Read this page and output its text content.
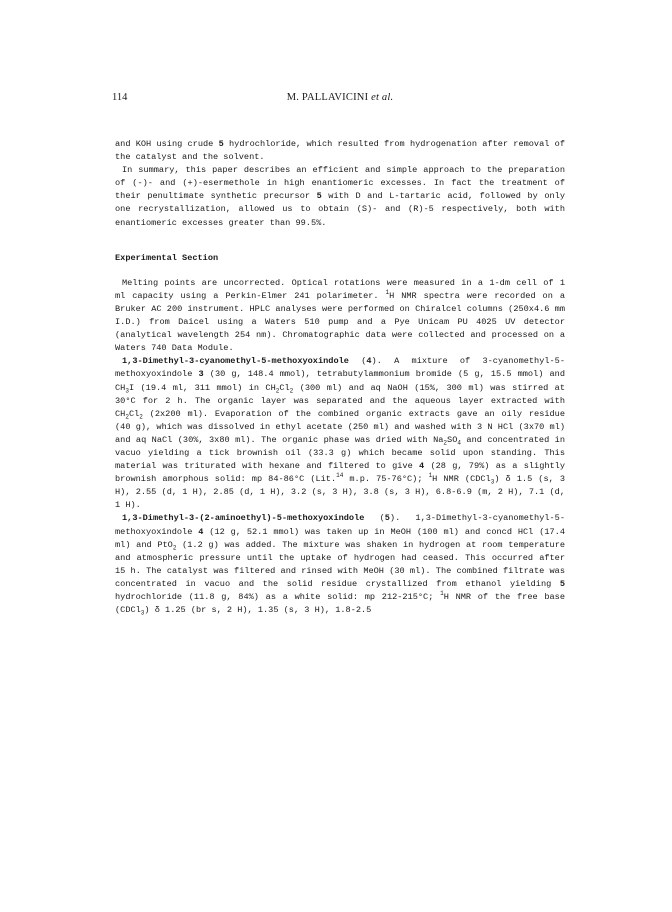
114	M. PALLAVICINI et al.

and KOH using crude 5 hydrochloride, which resulted from hydrogenation after removal of the catalyst and the solvent.

In summary, this paper describes an efficient and simple approach to the preparation of (-)- and (+)-esermethole in high enantiomeric excesses. In fact the treatment of their penultimate synthetic precursor 5 with D and L-tartaric acid, followed by only one recrystallization, allowed us to obtain (S)- and (R)-5 respectively, both with enantiomeric excesses greater than 99.5%.

Experimental Section

Melting points are uncorrected. Optical rotations were measured in a 1-dm cell of 1 ml capacity using a Perkin-Elmer 241 polarimeter. $^1$H NMR spectra were recorded on a Bruker AC 200 instrument. HPLC analyses were performed on Chiralcel columns (250x4.6 mm I.D.) from Daicel using a Waters 510 pump and a Pye Unicam PU 4025 UV detector (analytical wavelength 254 nm). Chromatographic data were collected and processed on a Waters 740 Data Module.

1,3-Dimethyl-3-cyanomethyl-5-methoxyoxindole (4). A mixture of 3-cyanomethyl-5-methoxyoxindole 3 (30 g, 148.4 mmol), tetrabutylammonium bromide (5 g, 15.5 mmol) and $CH_3I$ (19.4 ml, 311 mmol) in $CH_2Cl_2$ (300 ml) and aq NaOH (15%, 300 ml) was stirred at 30°C for 2 h. The organic layer was separated and the aqueous layer extracted with $CH_2Cl_2$ (2x200 ml). Evaporation of the combined organic extracts gave an oily residue (40 g), which was dissolved in ethyl acetate (250 ml) and washed with 3 N HCl (3x70 ml) and aq NaCl (30%, 3x80 ml). The organic phase was dried with $Na_2SO_4$ and concentrated in vacuo yielding a tick brownish oil (33.3 g) which became solid upon standing. This material was triturated with hexane and filtered to give 4 (28 g, 79%) as a slightly brownish amorphous solid: mp 84-86°C (Lit.$^{14}$ m.p. 75-76°C); $^1$H NMR (CDCl$_3$) δ 1.5 (s, 3 H), 2.55 (d, 1 H), 2.85 (d, 1 H), 3.2 (s, 3 H), 3.8 (s, 3 H), 6.8-6.9 (m, 2 H), 7.1 (d, 1 H).

1,3-Dimethyl-3-(2-aminoethyl)-5-methoxyoxindole (5). 1,3-Dimethyl-3-cyanomethyl-5-methoxyoxindole 4 (12 g, 52.1 mmol) was taken up in MeOH (100 ml) and concd HCl (17.4 ml) and PtO$_2$ (1.2 g) was added. The mixture was shaken in hydrogen at room temperature and atmospheric pressure until the uptake of hydrogen had ceased. This occurred after 15 h. The catalyst was filtered and rinsed with MeOH (30 ml). The combined filtrate was concentrated in vacuo and the solid residue crystallized from ethanol yielding 5 hydrochloride (11.8 g, 84%) as a white solid: mp 212-215°C; $^1$H NMR of the free base (CDCl$_3$) δ 1.25 (br s, 2 H), 1.35 (s, 3 H), 1.8-2.5
